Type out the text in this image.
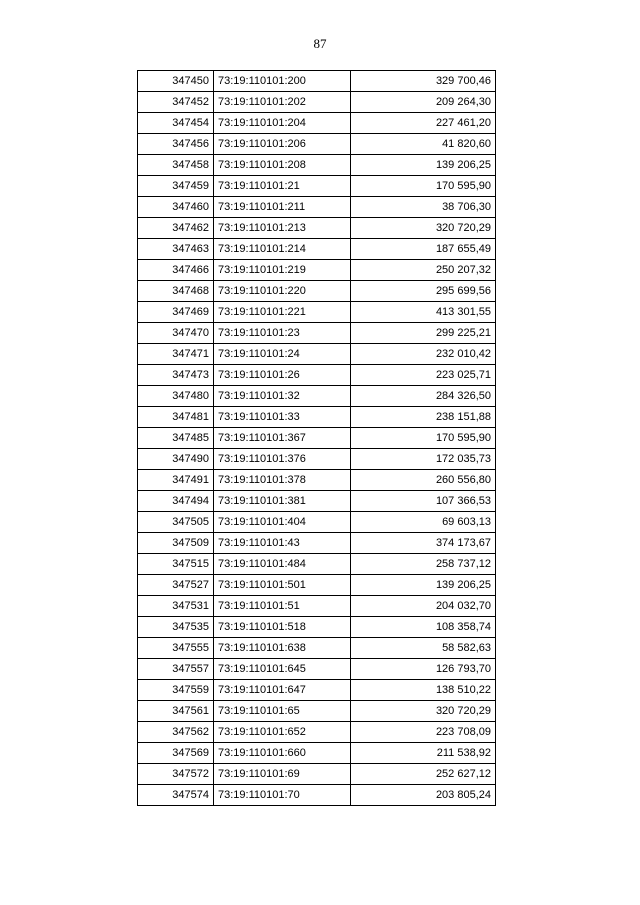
87
347450	73:19:110101:200	329 700,46
347452	73:19:110101:202	209 264,30
347454	73:19:110101:204	227 461,20
347456	73:19:110101:206	41 820,60
347458	73:19:110101:208	139 206,25
347459	73:19:110101:21	170 595,90
347460	73:19:110101:211	38 706,30
347462	73:19:110101:213	320 720,29
347463	73:19:110101:214	187 655,49
347466	73:19:110101:219	250 207,32
347468	73:19:110101:220	295 699,56
347469	73:19:110101:221	413 301,55
347470	73:19:110101:23	299 225,21
347471	73:19:110101:24	232 010,42
347473	73:19:110101:26	223 025,71
347480	73:19:110101:32	284 326,50
347481	73:19:110101:33	238 151,88
347485	73:19:110101:367	170 595,90
347490	73:19:110101:376	172 035,73
347491	73:19:110101:378	260 556,80
347494	73:19:110101:381	107 366,53
347505	73:19:110101:404	69 603,13
347509	73:19:110101:43	374 173,67
347515	73:19:110101:484	258 737,12
347527	73:19:110101:501	139 206,25
347531	73:19:110101:51	204 032,70
347535	73:19:110101:518	108 358,74
347555	73:19:110101:638	58 582,63
347557	73:19:110101:645	126 793,70
347559	73:19:110101:647	138 510,22
347561	73:19:110101:65	320 720,29
347562	73:19:110101:652	223 708,09
347569	73:19:110101:660	211 538,92
347572	73:19:110101:69	252 627,12
347574	73:19:110101:70	203 805,24
